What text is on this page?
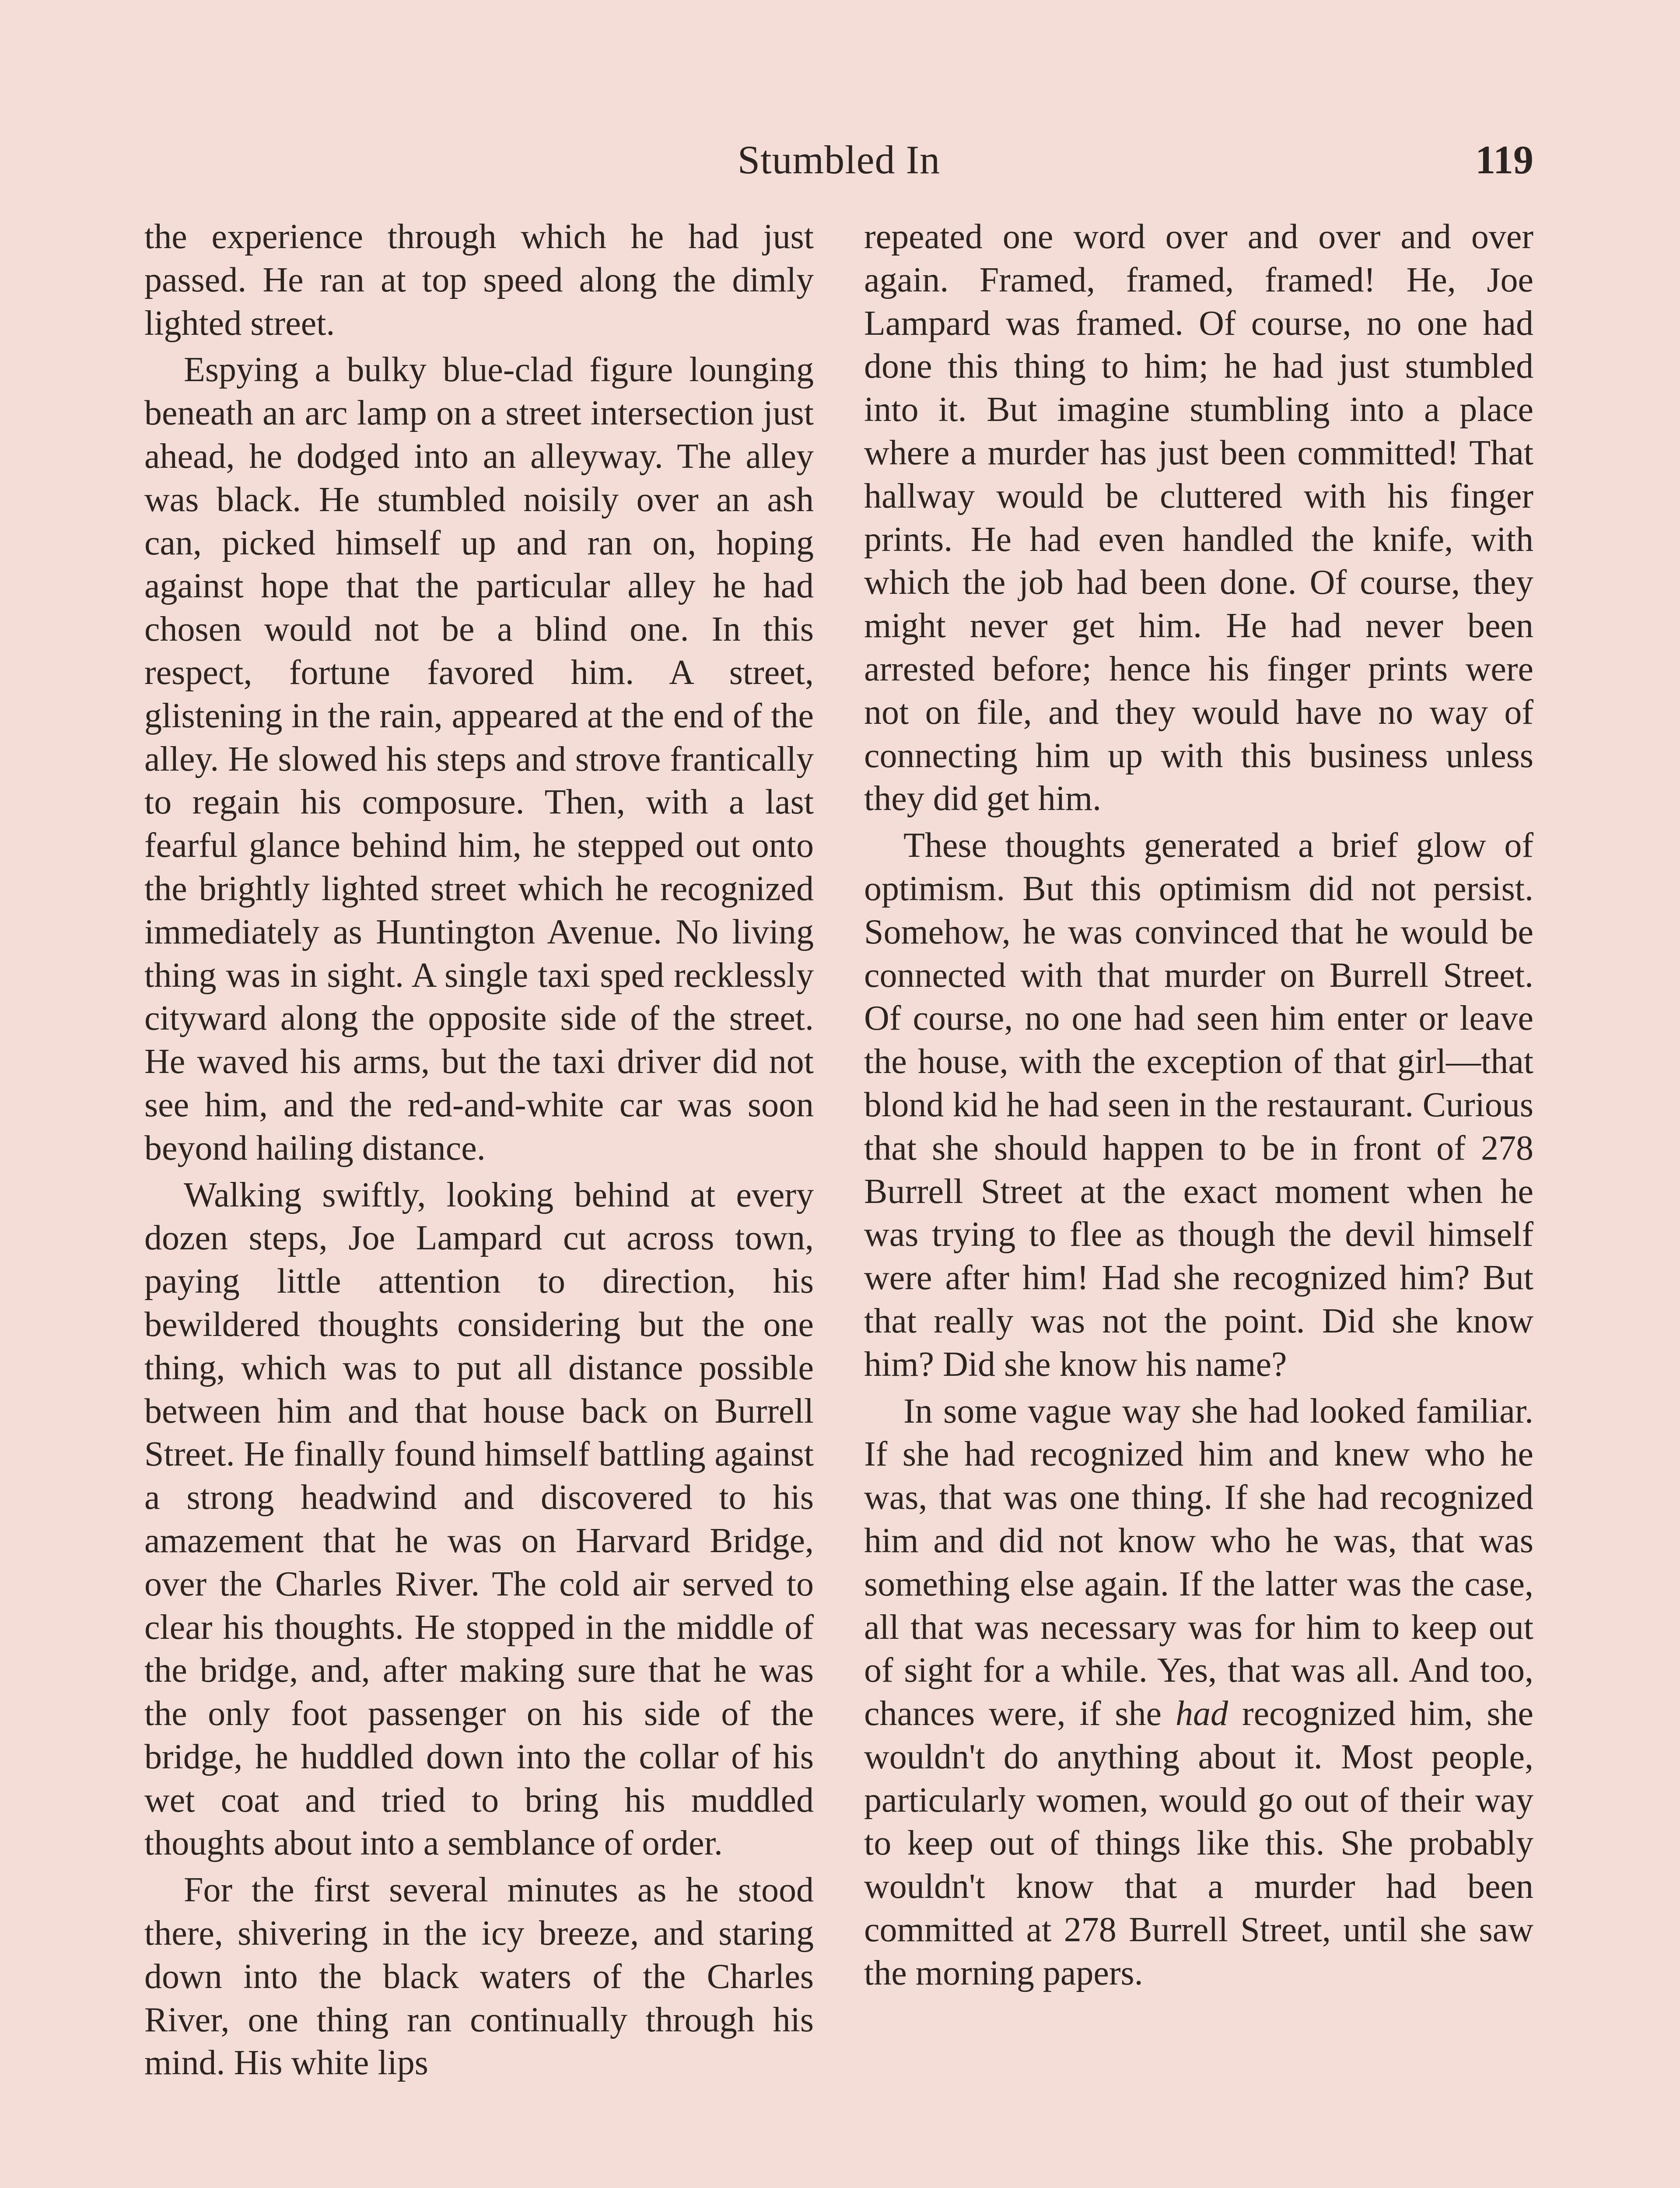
Stumbled In	119

the experience through which he had just passed. He ran at top speed along the dimly lighted street.

Espying a bulky blue-clad figure lounging beneath an arc lamp on a street intersection just ahead, he dodged into an alleyway. The alley was black. He stumbled noisily over an ash can, picked himself up and ran on, hoping against hope that the particular alley he had chosen would not be a blind one. In this respect, fortune favored him. A street, glistening in the rain, appeared at the end of the alley. He slowed his steps and strove frantically to regain his composure. Then, with a last fearful glance behind him, he stepped out onto the brightly lighted street which he recognized immediately as Huntington Avenue. No living thing was in sight. A single taxi sped recklessly cityward along the opposite side of the street. He waved his arms, but the taxi driver did not see him, and the red-and-white car was soon beyond hailing distance.

Walking swiftly, looking behind at every dozen steps, Joe Lampard cut across town, paying little attention to direction, his bewildered thoughts considering but the one thing, which was to put all distance possible between him and that house back on Burrell Street. He finally found himself battling against a strong headwind and discovered to his amazement that he was on Harvard Bridge, over the Charles River. The cold air served to clear his thoughts. He stopped in the middle of the bridge, and, after making sure that he was the only foot passenger on his side of the bridge, he huddled down into the collar of his wet coat and tried to bring his muddled thoughts about into a semblance of order.

For the first several minutes as he stood there, shivering in the icy breeze, and staring down into the black waters of the Charles River, one thing ran continually through his mind. His white lips

repeated one word over and over and over again. Framed, framed, framed! He, Joe Lampard was framed. Of course, no one had done this thing to him; he had just stumbled into it. But imagine stumbling into a place where a murder has just been committed! That hallway would be cluttered with his finger prints. He had even handled the knife, with which the job had been done. Of course, they might never get him. He had never been arrested before; hence his finger prints were not on file, and they would have no way of connecting him up with this business unless they did get him.

These thoughts generated a brief glow of optimism. But this optimism did not persist. Somehow, he was convinced that he would be connected with that murder on Burrell Street. Of course, no one had seen him enter or leave the house, with the exception of that girl—that blond kid he had seen in the restaurant. Curious that she should happen to be in front of 278 Burrell Street at the exact moment when he was trying to flee as though the devil himself were after him! Had she recognized him? But that really was not the point. Did she know him? Did she know his name?

In some vague way she had looked familiar. If she had recognized him and knew who he was, that was one thing. If she had recognized him and did not know who he was, that was something else again. If the latter was the case, all that was necessary was for him to keep out of sight for a while. Yes, that was all. And too, chances were, if she had recognized him, she wouldn't do anything about it. Most people, particularly women, would go out of their way to keep out of things like this. She probably wouldn't know that a murder had been committed at 278 Burrell Street, until she saw the morning papers.
